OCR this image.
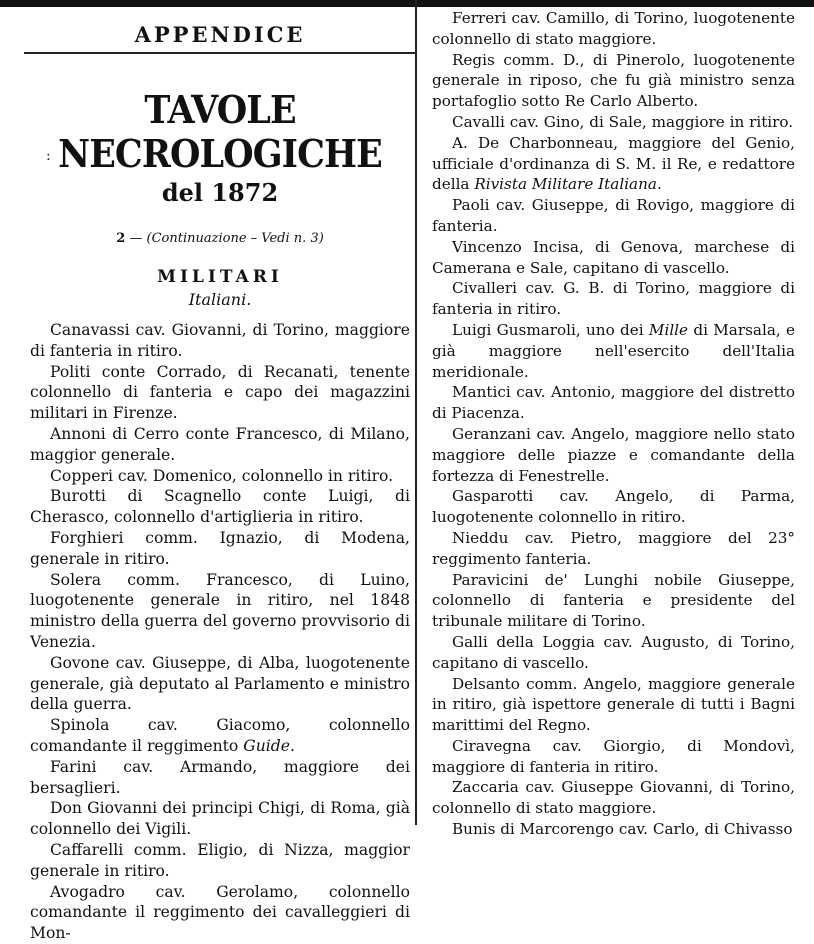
:
APPENDICE
TAVOLE NECROLOGICHE
del 1872
2 — (Continuazione – Vedi n. 3)
MILITARI
Italiani.

Canavassi cav. Giovanni, di Torino, maggiore di fanteria in ritiro.

Politi conte Corrado, di Recanati, tenente colonnello di fanteria e capo dei magazzini militari in Firenze.

Annoni di Cerro conte Francesco, di Milano, maggior generale.

Copperi cav. Domenico, colonnello in ritiro.

Burotti di Scagnello conte Luigi, di Cherasco, colonnello d'artiglieria in ritiro.

Forghieri comm. Ignazio, di Modena, generale in ritiro.

Solera comm. Francesco, di Luino, luogotenente generale in ritiro, nel 1848 ministro della guerra del governo provvisorio di Venezia.

Govone cav. Giuseppe, di Alba, luogotenente generale, già deputato al Parlamento e ministro della guerra.

Spinola cav. Giacomo, colonnello comandante il reggimento Guide.

Farini cav. Armando, maggiore dei bersaglieri.

Don Giovanni dei principi Chigi, di Roma, già colonnello dei Vigili.

Caffarelli comm. Eligio, di Nizza, maggior generale in ritiro.

Avogadro cav. Gerolamo, colonnello comandante il reggimento dei cavalleggieri di Mon-

Ferreri cav. Camillo, di Torino, luogotenente colonnello di stato maggiore.

Regis comm. D., di Pinerolo, luogotenente generale in riposo, che fu già ministro senza portafoglio sotto Re Carlo Alberto.

Cavalli cav. Gino, di Sale, maggiore in ritiro.

A. De Charbonneau, maggiore del Genio, ufficiale d'ordinanza di S. M. il Re, e redattore della Rivista Militare Italiana.

Paoli cav. Giuseppe, di Rovigo, maggiore di fanteria.

Vincenzo Incisa, di Genova, marchese di Camerana e Sale, capitano di vascello.

Civalleri cav. G. B. di Torino, maggiore di fanteria in ritiro.

Luigi Gusmaroli, uno dei Mille di Marsala, e già maggiore nell'esercito dell'Italia meridionale.

Mantici cav. Antonio, maggiore del distretto di Piacenza.

Geranzani cav. Angelo, maggiore nello stato maggiore delle piazze e comandante della fortezza di Fenestrelle.

Gasparotti cav. Angelo, di Parma, luogotenente colonnello in ritiro.

Nieddu cav. Pietro, maggiore del 23° reggimento fanteria.

Paravicini de' Lunghi nobile Giuseppe, colonnello di fanteria e presidente del tribunale militare di Torino.

Galli della Loggia cav. Augusto, di Torino, capitano di vascello.

Delsanto comm. Angelo, maggiore generale in ritiro, già ispettore generale di tutti i Bagni marittimi del Regno.

Ciravegna cav. Giorgio, di Mondovì, maggiore di fanteria in ritiro.

Zaccaria cav. Giuseppe Giovanni, di Torino, colonnello di stato maggiore.

Bunis di Marcorengo cav. Carlo, di Chivasso
